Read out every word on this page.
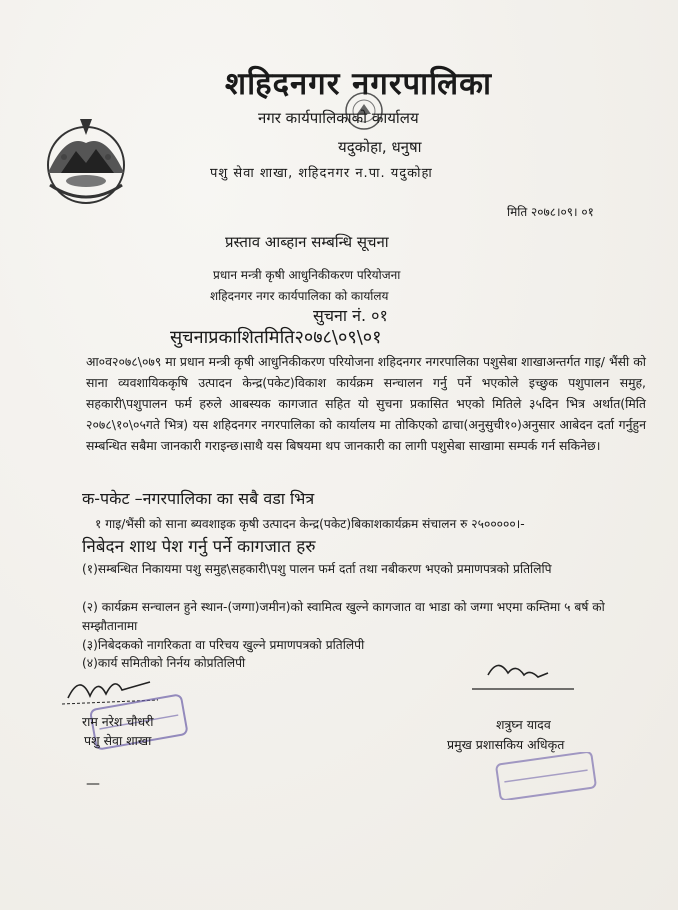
शहिदनगर नगरपालिका
नगर कार्यपालिकाको कार्यालय
यदुकोहा, धनुषा
पशु सेवा शाखा, शहिदनगर न.पा. यदुकोहा
मिति २०७८।०९। ०१
प्रस्ताव आब्हान सम्बन्धि सूचना
प्रधान मन्त्री कृषी आधुनिकीकरण परियोजना
शहिदनगर नगर कार्यपालिका को कार्यालय
सुचना नं. ०१
सुचनाप्रकाशितमिति२०७८\०९\०१
आ०व२०७८\०७९ मा प्रधान मन्त्री कृषी आधुनिकीकरण परियोजना शहिदनगर नगरपालिका पशुसेबा शाखाअन्तर्गत गाइ/ भैंसी को साना व्यवशायिककृषि उत्पादन केन्द्र(पकेट)विकाश कार्यक्रम सन्चालन गर्नु पर्ने भएकोले इच्छुक पशुपालन समुह, सहकारी\पशुपालन फर्म हरुले आबस्यक कागजात सहित यो सुचना प्रकासित भएको मितिले ३५दिन भित्र अर्थात(मिति २०७८\१०\०५गते भित्र) यस शहिदनगर नगरपालिका को कार्यालय मा तोकिएको ढाचा(अनुसुची१०)अनुसार आबेदन दर्ता गर्नुहुन सम्बन्धित सबैमा जानकारी गराइन्छ।साथै यस बिषयमा थप जानकारी का लागी पशुसेबा साखामा सम्पर्क गर्न सकिनेछ।
क-पकेट –नगरपालिका का सबै वडा भित्र
१ गाइ/भैंसी को साना ब्यवशाइक कृषी उत्पादन केन्द्र(पकेट)बिकाशकार्यक्रम संचालन रु २५०००००।-
निबेदन शाथ पेश गर्नु पर्ने कागजात हरु
(१)सम्बन्धित निकायमा पशु समुह\सहकारी\पशु पालन फर्म दर्ता तथा नबीकरण भएको प्रमाणपत्रको प्रतिलिपि
(२) कार्यक्रम सन्चालन हुने स्थान-(जग्गा)जमीन)को स्वामित्व खुल्ने कागजात वा भाडा को जग्गा भएमा कम्तिमा ५ बर्ष को सम्झौतानामा
(३)निबेदकको नागरिकता वा परिचय खुल्ने प्रमाणपत्रको प्रतिलिपी
(४)कार्य समितीको निर्नय कोप्रतिलिपी
राम नरेश चौधरी
पशु सेवा शाखा
शत्रुघ्न यादव
प्रमुख प्रशासकिय अधिकृत
—
